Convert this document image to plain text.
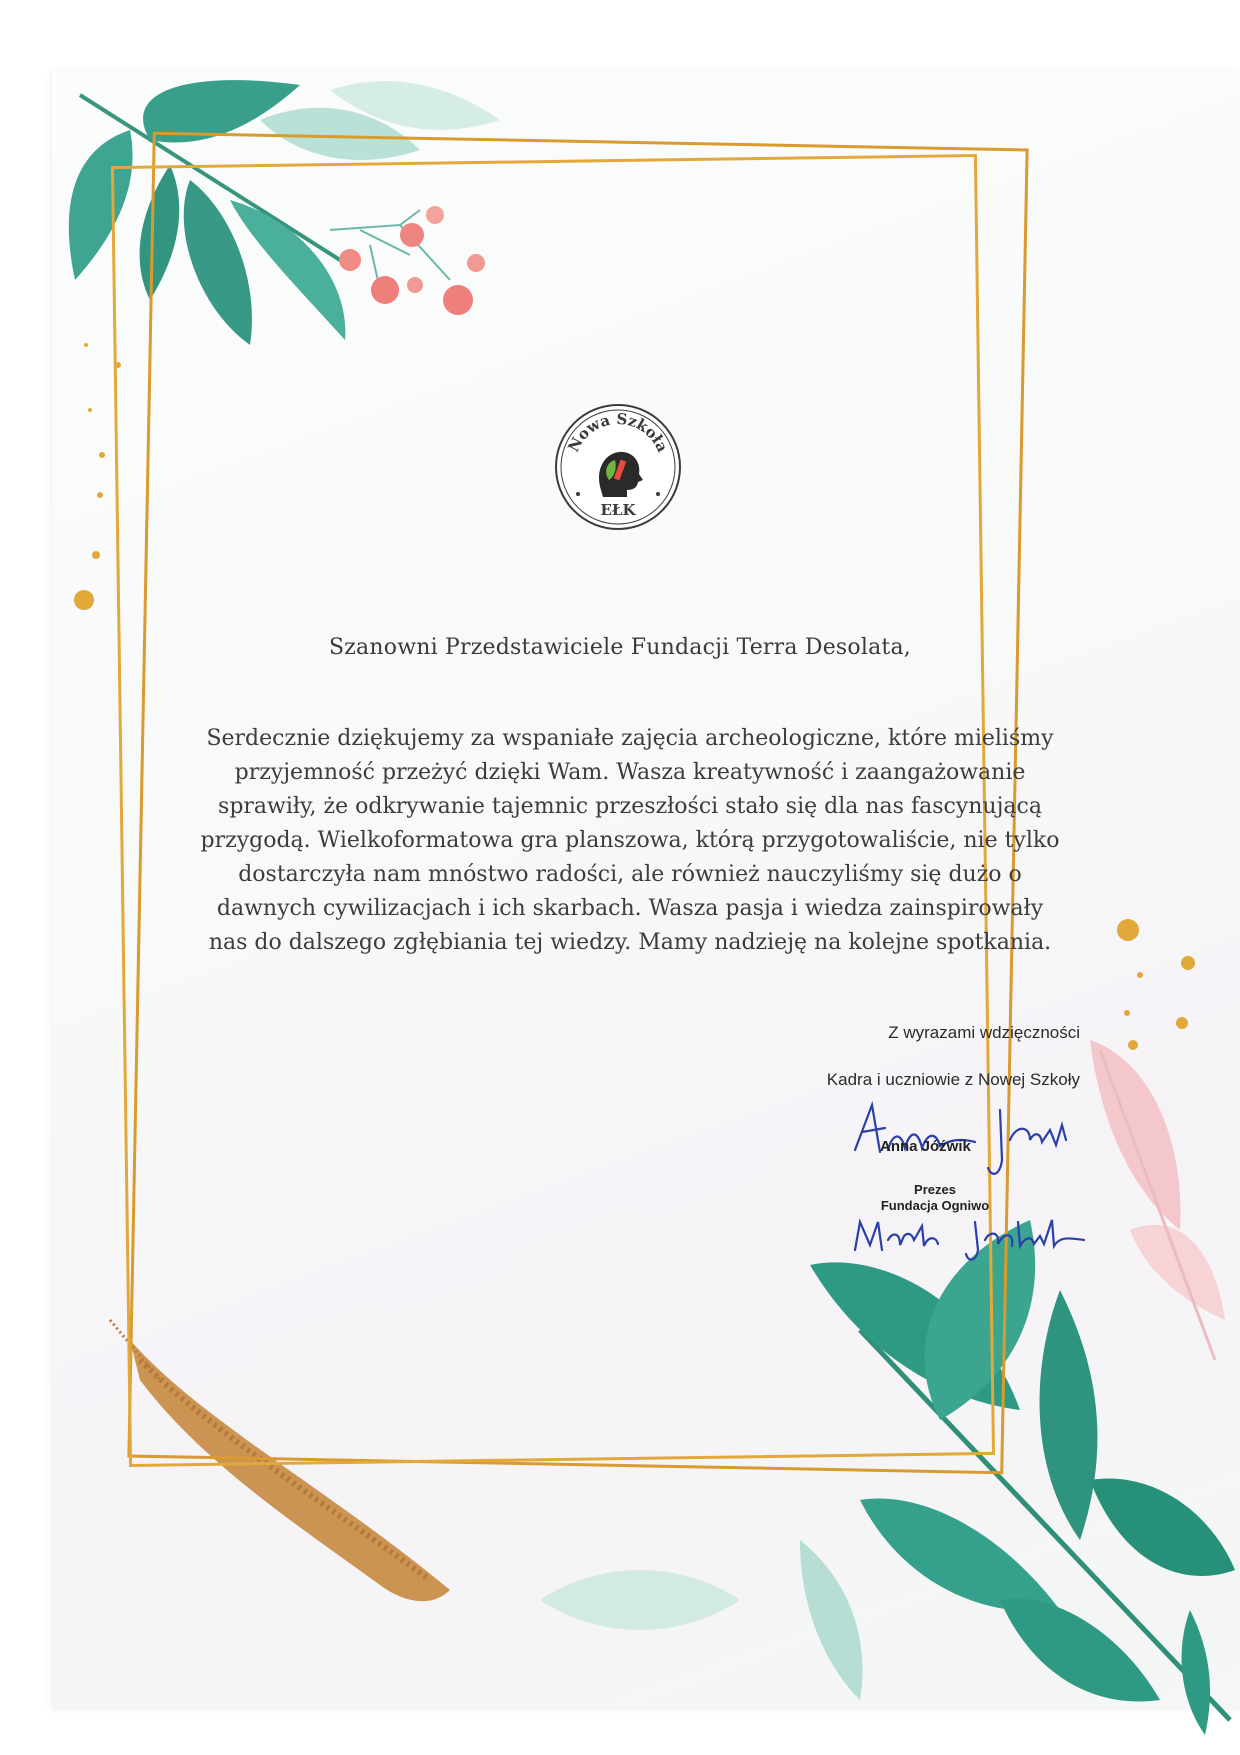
Nowa Szkoła
EŁK
Szanowni Przedstawiciele Fundacji Terra Desolata,
Serdecznie dziękujemy za wspaniałe zajęcia archeologiczne, które mieliśmy
przyjemność przeżyć dzięki Wam. Wasza kreatywność i zaangażowanie
sprawiły, że odkrywanie tajemnic przeszłości stało się dla nas fascynującą
przygodą. Wielkoformatowa gra planszowa, którą przygotowaliście, nie tylko
dostarczyła nam mnóstwo radości, ale również nauczyliśmy się dużo o
dawnych cywilizacjach i ich skarbach. Wasza pasja i wiedza zainspirowały
nas do dalszego zgłębiania tej wiedzy. Mamy nadzieję na kolejne spotkania.
Z wyrazami wdzięczności
Kadra i uczniowie z Nowej Szkoły
Anna Jóźwik
Prezes
Fundacja Ogniwo
